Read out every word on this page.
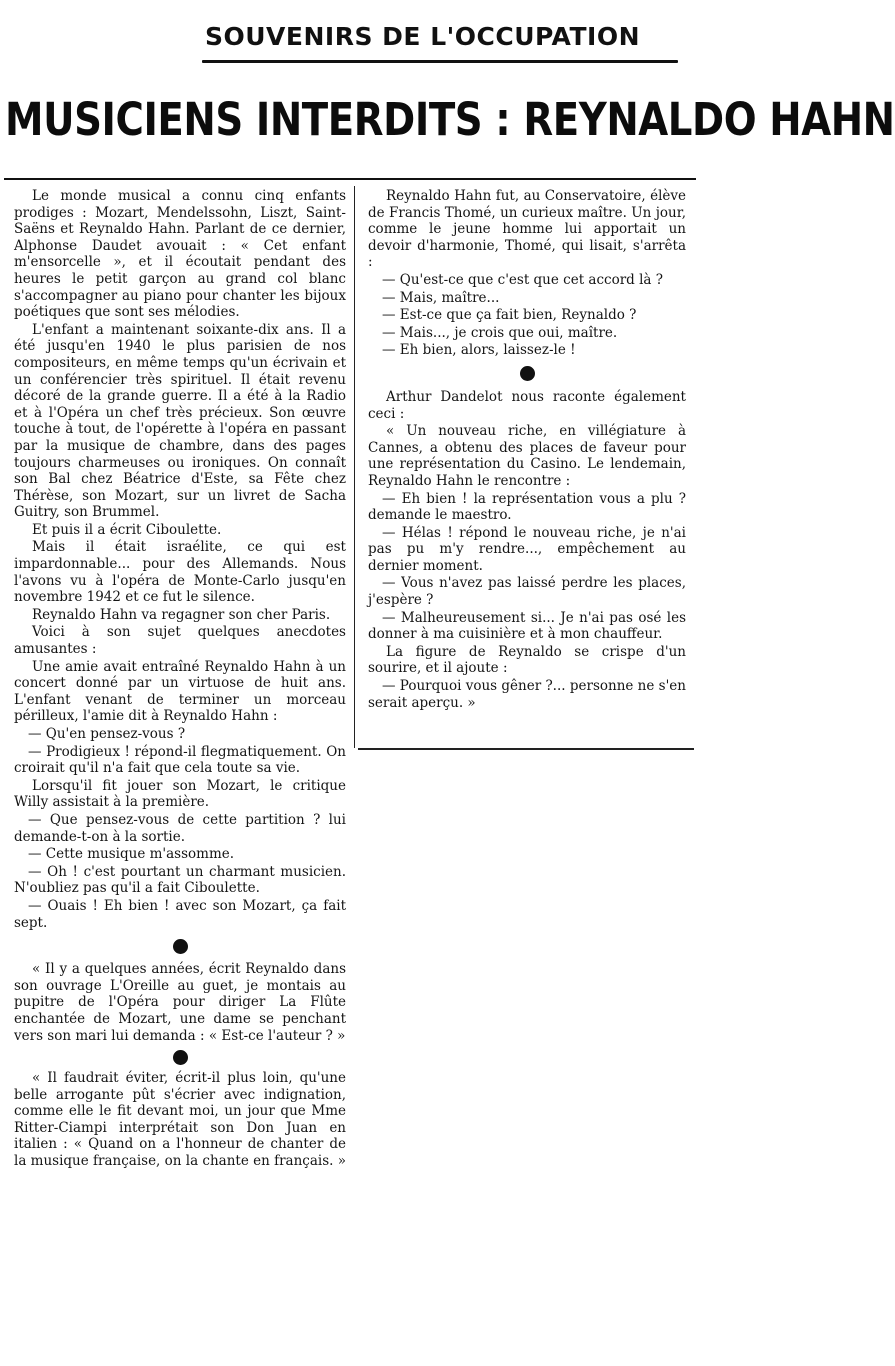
SOUVENIRS DE L'OCCUPATION
MUSICIENS INTERDITS : REYNALDO HAHN

Le monde musical a connu cinq enfants prodiges : Mozart, Mendelssohn, Liszt, Saint-Saëns et Reynaldo Hahn. Parlant de ce dernier, Alphonse Daudet avouait : « Cet enfant m'ensorcelle », et il écoutait pendant des heures le petit garçon au grand col blanc s'accompagner au piano pour chanter les bijoux poétiques que sont ses mélodies.

L'enfant a maintenant soixante-dix ans. Il a été jusqu'en 1940 le plus parisien de nos compositeurs, en même temps qu'un écrivain et un conférencier très spirituel. Il était revenu décoré de la grande guerre. Il a été à la Radio et à l'Opéra un chef très précieux. Son œuvre touche à tout, de l'opérette à l'opéra en passant par la musique de chambre, dans des pages toujours charmeuses ou ironiques. On connaît son Bal chez Béatrice d'Este, sa Fête chez Thérèse, son Mozart, sur un livret de Sacha Guitry, son Brummel.

Et puis il a écrit Ciboulette.

Mais il était israélite, ce qui est impardonnable... pour des Allemands. Nous l'avons vu à l'opéra de Monte-Carlo jusqu'en novembre 1942 et ce fut le silence.

Reynaldo Hahn va regagner son cher Paris.

Voici à son sujet quelques anecdotes amusantes :

Une amie avait entraîné Reynaldo Hahn à un concert donné par un virtuose de huit ans. L'enfant venant de terminer un morceau périlleux, l'amie dit à Reynaldo Hahn :

— Qu'en pensez-vous ?

— Prodigieux ! répond-il flegmatiquement. On croirait qu'il n'a fait que cela toute sa vie.

Lorsqu'il fit jouer son Mozart, le critique Willy assistait à la première.

— Que pensez-vous de cette partition ? lui demande-t-on à la sortie.

— Cette musique m'assomme.

— Oh ! c'est pourtant un charmant musicien. N'oubliez pas qu'il a fait Ciboulette.

— Ouais ! Eh bien ! avec son Mozart, ça fait sept.

« Il y a quelques années, écrit Reynaldo dans son ouvrage L'Oreille au guet, je montais au pupitre de l'Opéra pour diriger La Flûte enchantée de Mozart, une dame se penchant vers son mari lui demanda : « Est-ce l'auteur ? »

« Il faudrait éviter, écrit-il plus loin, qu'une belle arrogante pût s'écrier avec indignation, comme elle le fit devant moi, un jour que Mme Ritter-Ciampi interprétait son Don Juan en italien : « Quand on a l'honneur de chanter de la musique française, on la chante en français. »

Reynaldo Hahn fut, au Conservatoire, élève de Francis Thomé, un curieux maître. Un jour, comme le jeune homme lui apportait un devoir d'harmonie, Thomé, qui lisait, s'arrêta :

— Qu'est-ce que c'est que cet accord là ?

— Mais, maître...

— Est-ce que ça fait bien, Reynaldo ?

— Mais..., je crois que oui, maître.

— Eh bien, alors, laissez-le !

Arthur Dandelot nous raconte également ceci :

« Un nouveau riche, en villégiature à Cannes, a obtenu des places de faveur pour une représentation du Casino. Le lendemain, Reynaldo Hahn le rencontre :

— Eh bien ! la représentation vous a plu ? demande le maestro.

— Hélas ! répond le nouveau riche, je n'ai pas pu m'y rendre..., empêchement au dernier moment.

— Vous n'avez pas laissé perdre les places, j'espère ?

— Malheureusement si... Je n'ai pas osé les donner à ma cuisinière et à mon chauffeur.

La figure de Reynaldo se crispe d'un sourire, et il ajoute :

— Pourquoi vous gêner ?... personne ne s'en serait aperçu. »
